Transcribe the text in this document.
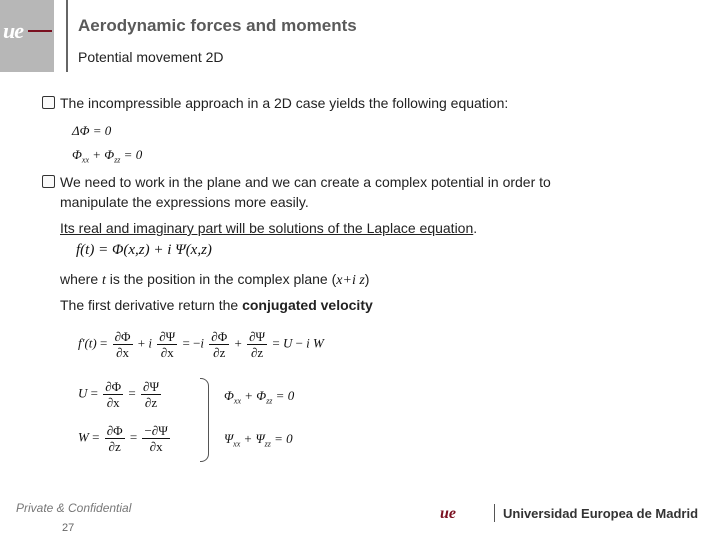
ue	Aerodynamic forces and moments
Potential movement 2D
The incompressible approach in a 2D case yields the following equation:
ΔΦ = 0
$\Phi_{xx} + \Phi_{zz} = 0$
We need to work in the plane and we can create a complex potential in order to
manipulate the expressions more easily.
Its real and imaginary part will be solutions of the Laplace equation.
f(t) = Φ(x,z) + i Ψ(x,z)
where t is the position in the complex plane (x+i z)
The first derivative return the conjugated velocity
$f'(t) = \frac{\partial\Phi}{\partial x} + i \frac{\partial\Psi}{\partial x} = -i \frac{\partial\Phi}{\partial z} + \frac{\partial\Psi}{\partial z} = U - i$ W
$U = \frac{\partial\Phi}{\partial x} = \frac{\partial\Psi}{\partial z}$
$W = \frac{\partial\Phi}{\partial z} = \frac{-\partial\Psi}{\partial x}$
$\Phi_{xx} + \Phi_{zz} = 0$
$\Psi_{xx} + \Psi_{zz} = 0$
Private & Confidential
27
ue	Universidad Europea de Madrid
